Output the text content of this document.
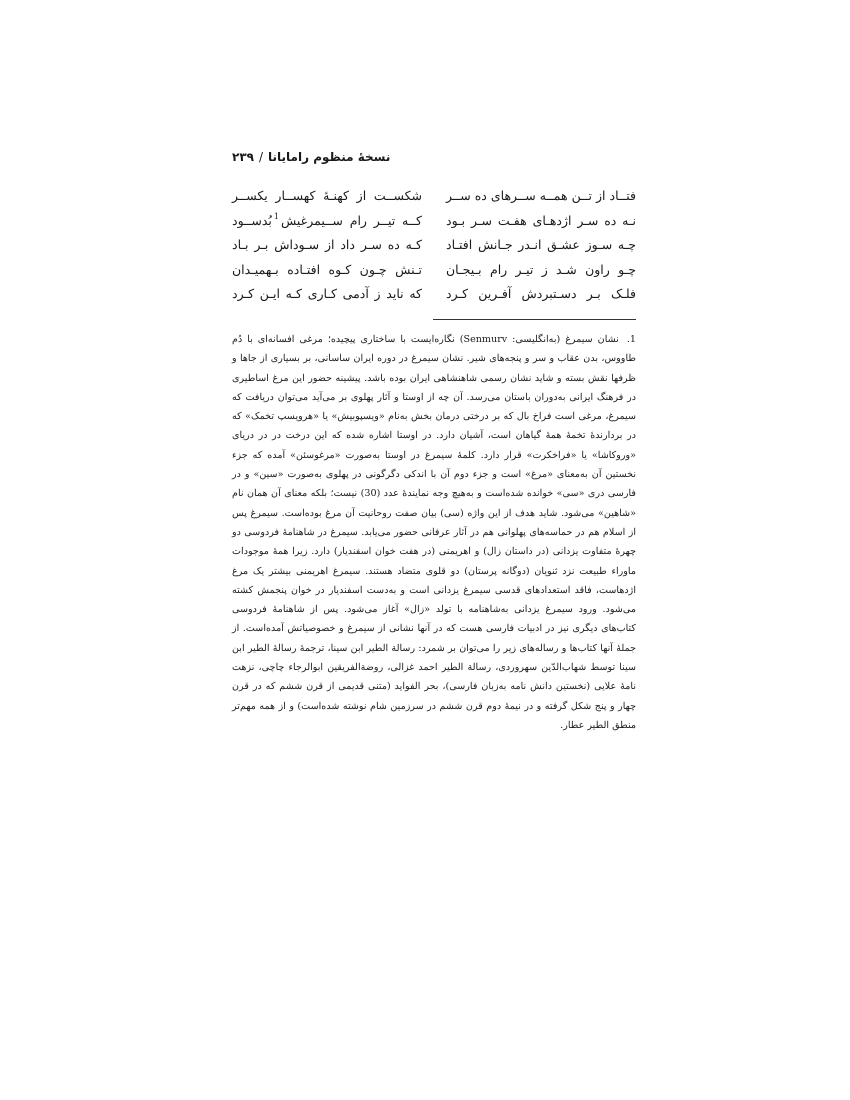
نسخهٔ منظوم رامایانا/۲۳۹
فتــاد از تــن همــه ســرهای ده ســر
شکســت از کهنـهٔ کهســار یکســر
نـه ده سـر اژدهـای هفـت سـر بـود
کــه تیــر رام ســیمرغیش$^1$بُدســود
چـه سـوز عشـق انـدر جـانش افتـاد
کـه ده سـر داد از سـوداش بـر بـاد
چـو راون شـد ز تیـر رام بـیجـان
تـنش چـون کـوه افتـاده بـهمیـدان
فلـک بـر دسـتبردش آفـرین کـرد
که ناید ز آدمی کـاری کـه ایـن کـرد
1. نشان سیمرغ (به‌انگلیسی: Senmurv) نگاره‌ایست با ساختاری پیچیده؛ مرغی افسانه‌ای با دُم طاووس، بدن عقاب و سر و پنجه‌های شیر. نشان سیمرغ در دوره ایران ساسانی، بر بسیاری از جاها و ظرفها نقش بسته و شاید نشان رسمی شاهنشاهی ایران بوده باشد. پیشینه حضور این مرغ اساطیری در فرهنگ ایرانی به‌دوران باستان می‌رسد. آن چه از اوستا و آثار پهلوی بر می‌آید می‌توان دریافت که سیمرغ، مرغی است فراخ بال که بر درختی درمان بخش به‌نام «ویسپوبیش» یا «هرویسپ تخمک» که در بردارندهٔ تخمهٔ همهٔ گیاهان است، آشیان دارد. در اوستا اشاره شده که این درخت در در دریای «وروکاشا» یا «فراخکرت» قرار دارد. کلمهٔ سیمرغ در اوستا به‌صورت «مرغوسئن» آمده که جزء نخستین آن به‌معنای «مرغ» است و جزء دوم آن با اندکی دگرگونی در پهلوی به‌صورت «سین» و در فارسی دری «سی» خوانده شده‌است و به‌هیچ وجه نمایندهٔ عدد (30) نیست؛ بلکه معنای آن همان نام «شاهین» می‌شود. شاید هدف از این واژه (سی) بیان صفت روحانیت آن مرغ بوده‌است. سیمرغ پس از اسلام هم در حماسه‌های پهلوانی هم در آثار عرفانی حضور می‌یابد. سیمرغ در شاهنامهٔ فردوسی دو چهرهٔ متفاوت یزدانی (در داستان زال) و اهریمنی (در هفت خوان اسفندیار) دارد. زیرا همهٔ موجودات ماوراء طبیعت نزد ثنویان (دوگانه پرستان) دو قلوی متضاد هستند. سیمرغ اهریمنی بیشتر یک مرغ اژدهاست، فاقد استعدادهای قدسی سیمرغ یزدانی است و به‌دست اسفندیار در خوان پنجمش کشته می‌شود. ورود سیمرغ یزدانی به‌شاهنامه با تولد «زال» آغاز می‌شود. پس از شاهنامهٔ فردوسی کتاب‌های دیگری نیز در ادبیات فارسی هست که در آنها نشانی از سیمرغ و خصوصیاتش آمده‌است. از جملهٔ آنها کتاب‌ها و رساله‌های زیر را می‌توان بر شمرد: رسالة الطیر ابن سینا، ترجمهٔ رسالهٔ الطیر ابن سینا توسط شهاب‌الدّین سهروردی، رسالة الطیر احمد غزالی، روضة‌الفریقین ابوالرجاء چاچی، نزهت نامهٔ علایی (نخستین دانش نامه به‌زبان فارسی)، بحر الفواید (متنی قدیمی از قرن ششم که در قرن چهار و پنج شکل گرفته و در نیمهٔ دوم قرن ششم در سرزمین شام نوشته شده‌است) و از همه مهم‌تر منطق الطیر عطار.
